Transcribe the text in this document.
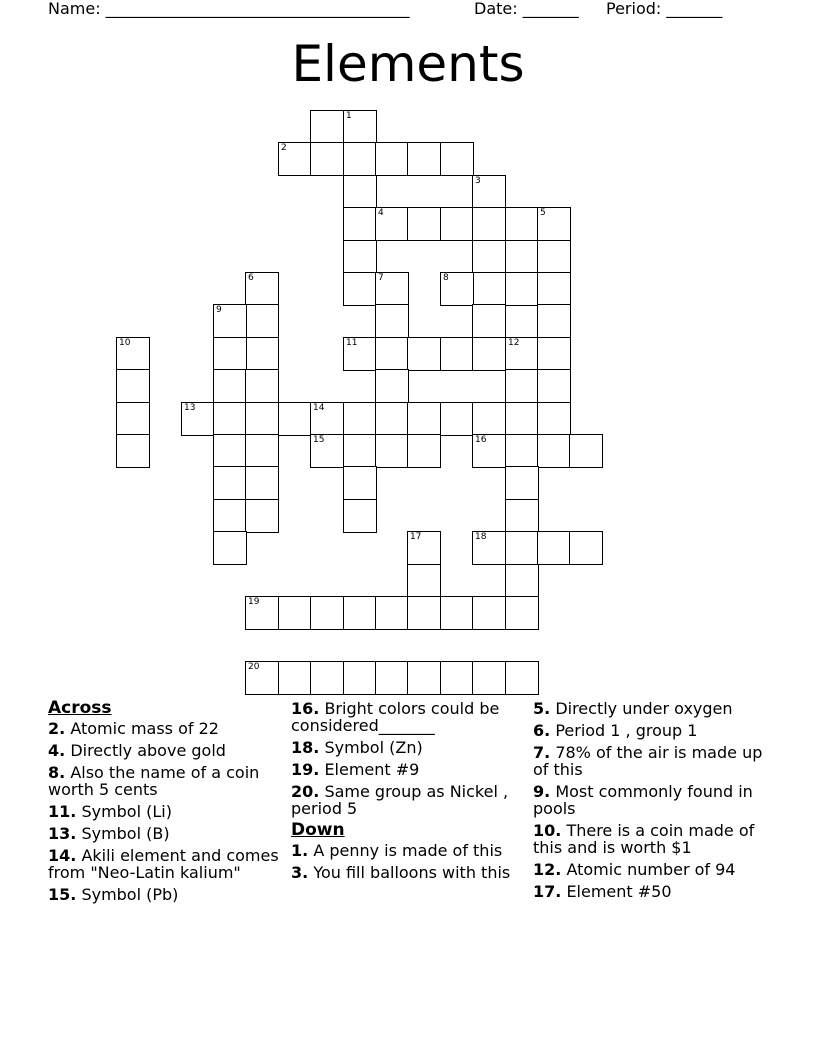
Name: ______________________________________	Date: _______ Period: _______
Elements
1
2
3
4	5
7
6	8
9
10	11	12
13	14
15	16
17	18
19
20
Across
2. Atomic mass of 22
4. Directly above gold
8. Also the name of a coin worth 5 cents
11. Symbol (Li)
13. Symbol (B)
14. Akili element and comes from "Neo-Latin kalium"
15. Symbol (Pb)
16. Bright colors could be considered_______
18. Symbol (Zn)
19. Element #9
20. Same group as Nickel , period 5
Down
1. A penny is made of this
3. You fill balloons with this
5. Directly under oxygen
6. Period 1 , group 1
7. 78% of the air is made up of this
9. Most commonly found in pools
10. There is a coin made of this and is worth $1
12. Atomic number of 94
17. Element #50
